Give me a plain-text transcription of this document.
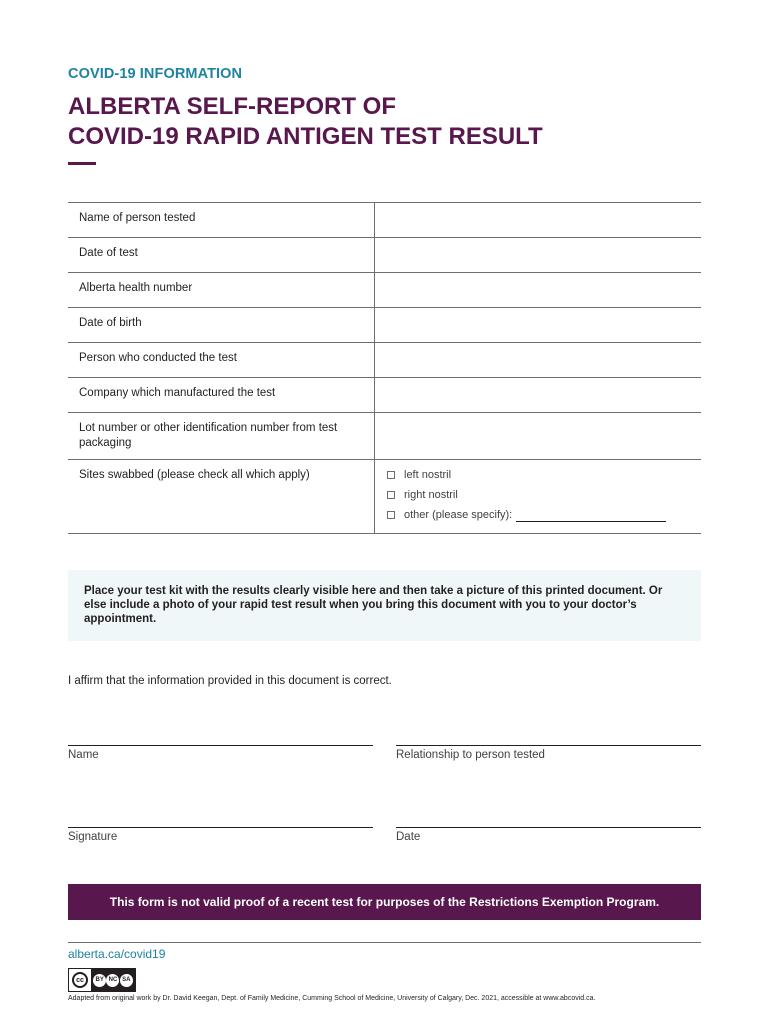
COVID-19 INFORMATION
ALBERTA SELF-REPORT OF
COVID-19 RAPID ANTIGEN TEST RESULT
Name of person tested	
Date of test	
Alberta health number	
Date of birth	
Person who conducted the test	
Company which manufactured the test	
Lot number or other identification number from test packaging	
Sites swabbed (please check all which apply)	left nostril
right nostril
other (please specify):
Place your test kit with the results clearly visible here and then take a picture of this printed document. Or else include a photo of your rapid test result when you bring this document with you to your doctor’s appointment.
I affirm that the information provided in this document is correct.
Name	Relationship to person tested
Signature	Date
This form is not valid proof of a recent test for purposes of the Restrictions Exemption Program.
alberta.ca/covid19
cc	BY NC SA
Adapted from original work by Dr. David Keegan, Dept. of Family Medicine, Cumming School of Medicine, University of Calgary, Dec. 2021, accessible at www.abcovid.ca.
